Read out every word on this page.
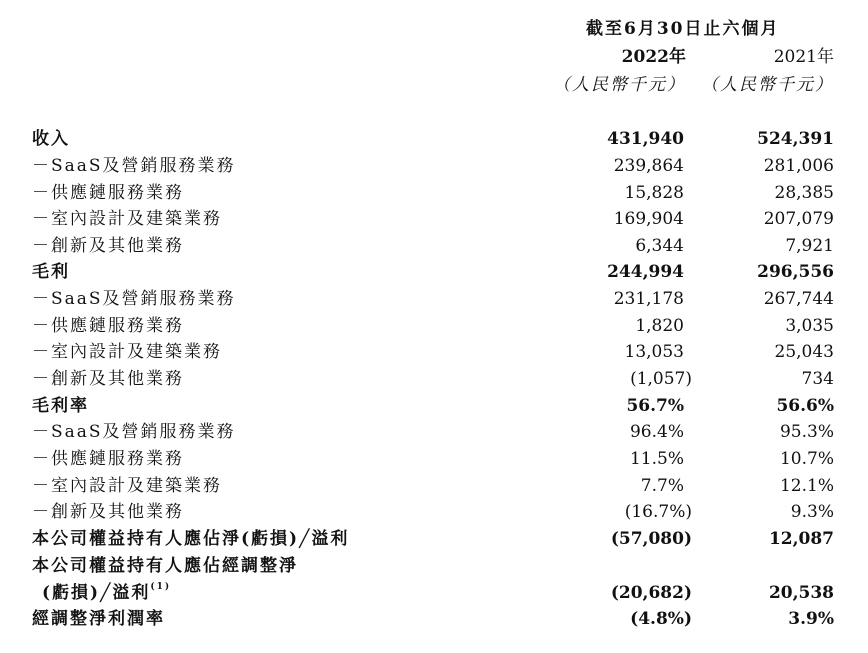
截至6月30日止六個月
2022年	2021年
（人民幣千元） （人民幣千元）
收入	431,940	524,391
－SaaS及營銷服務業務	239,864	281,006
－供應鏈服務業務	15,828	28,385
－室內設計及建築業務	169,904	207,079
－創新及其他業務	6,344	7,921
毛利	244,994	296,556
－SaaS及營銷服務業務	231,178	267,744
－供應鏈服務業務	1,820	3,035
－室內設計及建築業務	13,053	25,043
－創新及其他業務	(1,057)	734
毛利率	56.7%	56.6%
－SaaS及營銷服務業務	96.4%	95.3%
－供應鏈服務業務	11.5%	10.7%
－室內設計及建築業務	7.7%	12.1%
－創新及其他業務	(16.7%)	9.3%
本公司權益持有人應佔淨(虧損)╱溢利	(57,080)	12,087
本公司權益持有人應佔經調整淨
(虧損)╱溢利$^{(1)}$	(20,682)	20,538
經調整淨利潤率	(4.8%)	3.9%
